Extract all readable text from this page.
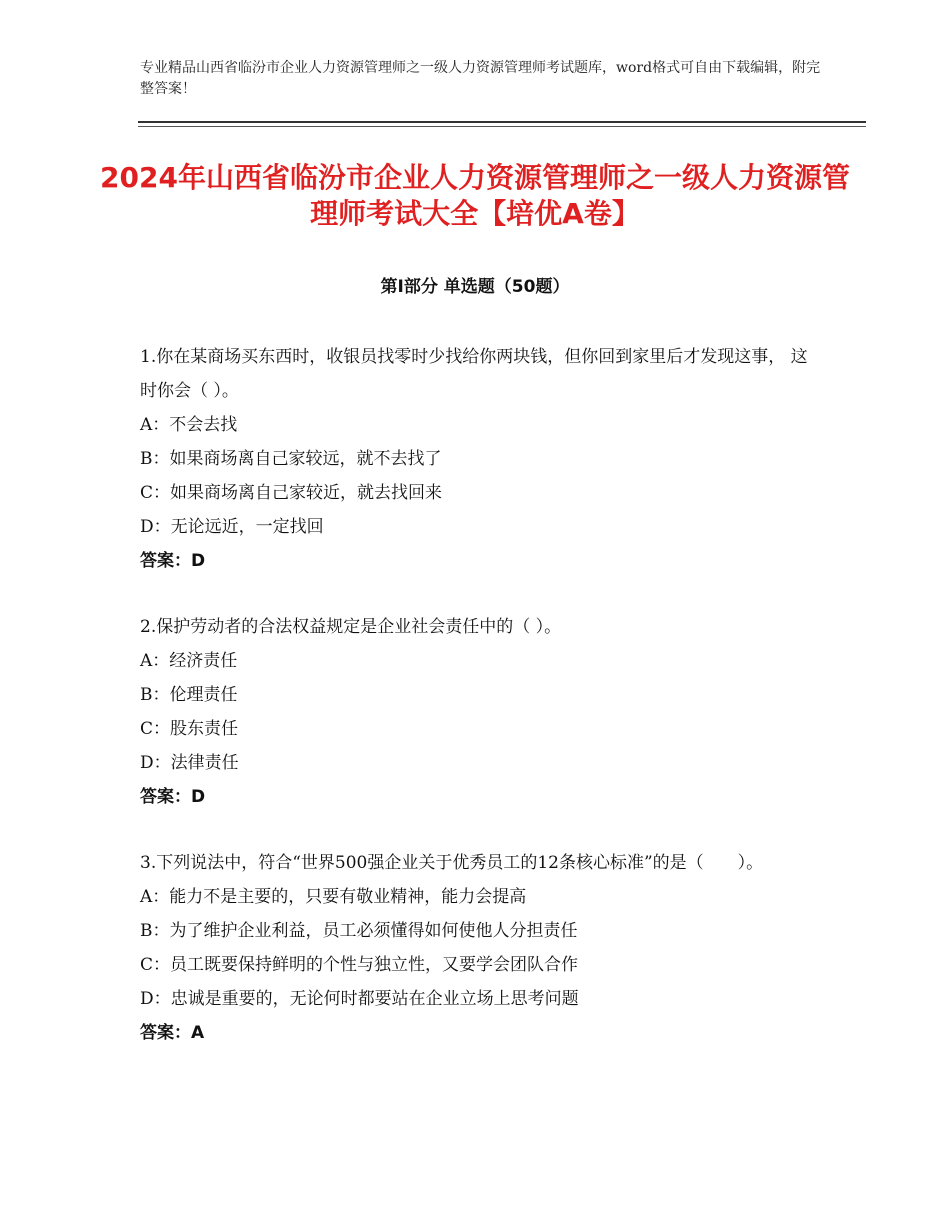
专业精品山西省临汾市企业人力资源管理师之一级人力资源管理师考试题库，word格式可自由下载编辑，附完整答案！
2024年山西省临汾市企业人力资源管理师之一级人力资源管理师考试大全【培优A卷】
第Ⅰ部分 单选题（50题）

1.你在某商场买东西时，收银员找零时少找给你两块钱，但你回到家里后才发现这事， 这时你会（ ）。

A：不会去找

B：如果商场离自己家较远，就不去找了

C：如果商场离自己家较近，就去找回来

D：无论远近，一定找回

答案：D

2.保护劳动者的合法权益规定是企业社会责任中的（ ）。

A：经济责任

B：伦理责任

C：股东责任

D：法律责任

答案：D

3.下列说法中，符合“世界500强企业关于优秀员工的12条核心标准”的是（　　）。

A：能力不是主要的，只要有敬业精神，能力会提高

B：为了维护企业利益，员工必须懂得如何使他人分担责任

C：员工既要保持鲜明的个性与独立性，又要学会团队合作

D：忠诚是重要的，无论何时都要站在企业立场上思考问题

答案：A
